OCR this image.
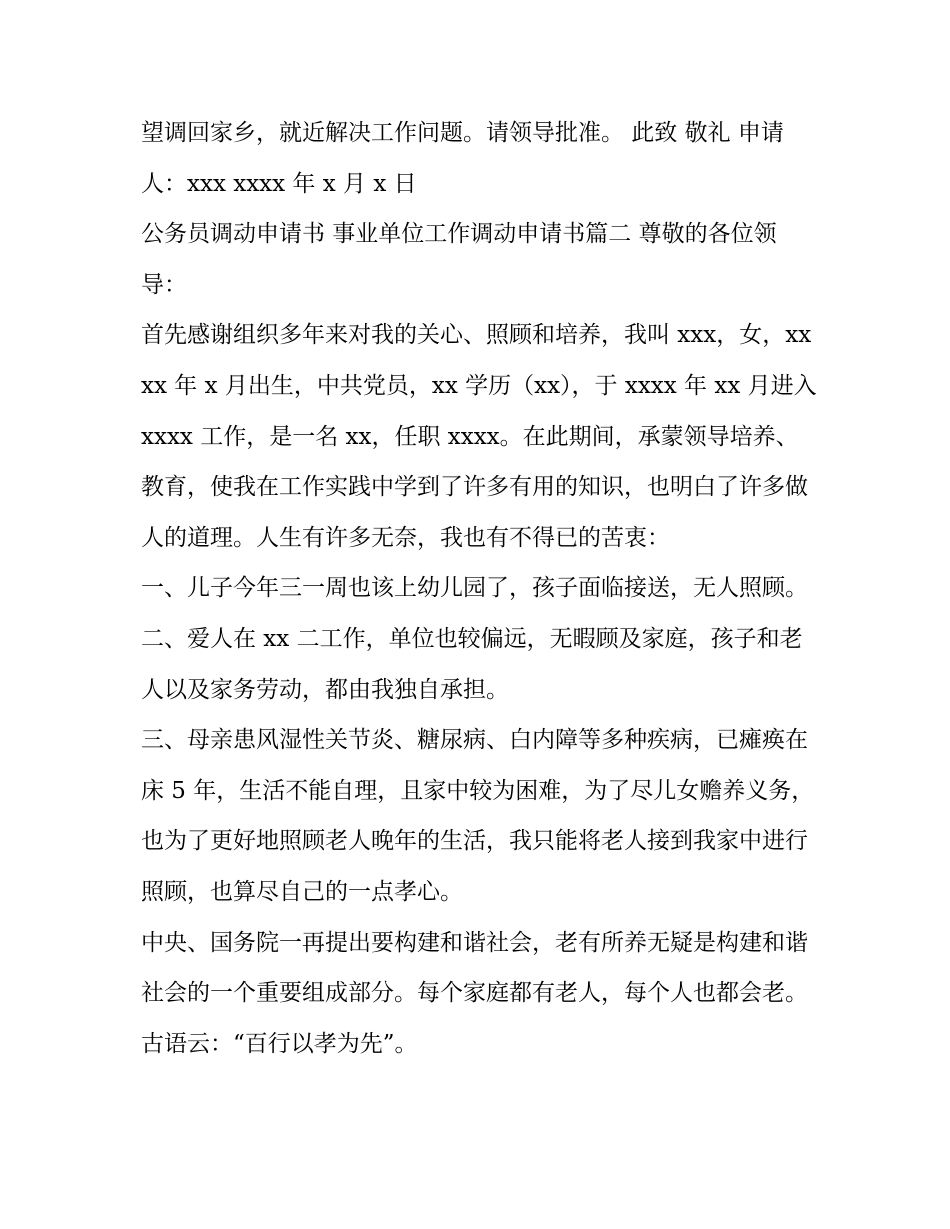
望调回家乡，就近解决工作问题。请领导批准。 此致 敬礼 申请人：xxx xxxx 年 x 月 x 日

公务员调动申请书 事业单位工作调动申请书篇二 尊敬的各位领导：

首先感谢组织多年来对我的关心、照顾和培养，我叫 xxx，女，xxxx 年 x 月出生，中共党员，xx 学历（xx），于 xxxx 年 xx 月进入 xxxx 工作，是一名 xx，任职 xxxx。在此期间，承蒙领导培养、教育，使我在工作实践中学到了许多有用的知识，也明白了许多做人的道理。人生有许多无奈，我也有不得已的苦衷：

一、儿子今年三一周也该上幼儿园了，孩子面临接送，无人照顾。 二、爱人在 xx 二工作，单位也较偏远，无暇顾及家庭，孩子和老人以及家务劳动，都由我独自承担。

三、母亲患风湿性关节炎、糖尿病、白内障等多种疾病，已瘫痪在床 5 年，生活不能自理，且家中较为困难，为了尽儿女赡养义务，也为了更好地照顾老人晚年的生活，我只能将老人接到我家中进行照顾，也算尽自己的一点孝心。

中央、国务院一再提出要构建和谐社会，老有所养无疑是构建和谐社会的一个重要组成部分。每个家庭都有老人，每个人也都会老。古语云：“百行以孝为先”。
